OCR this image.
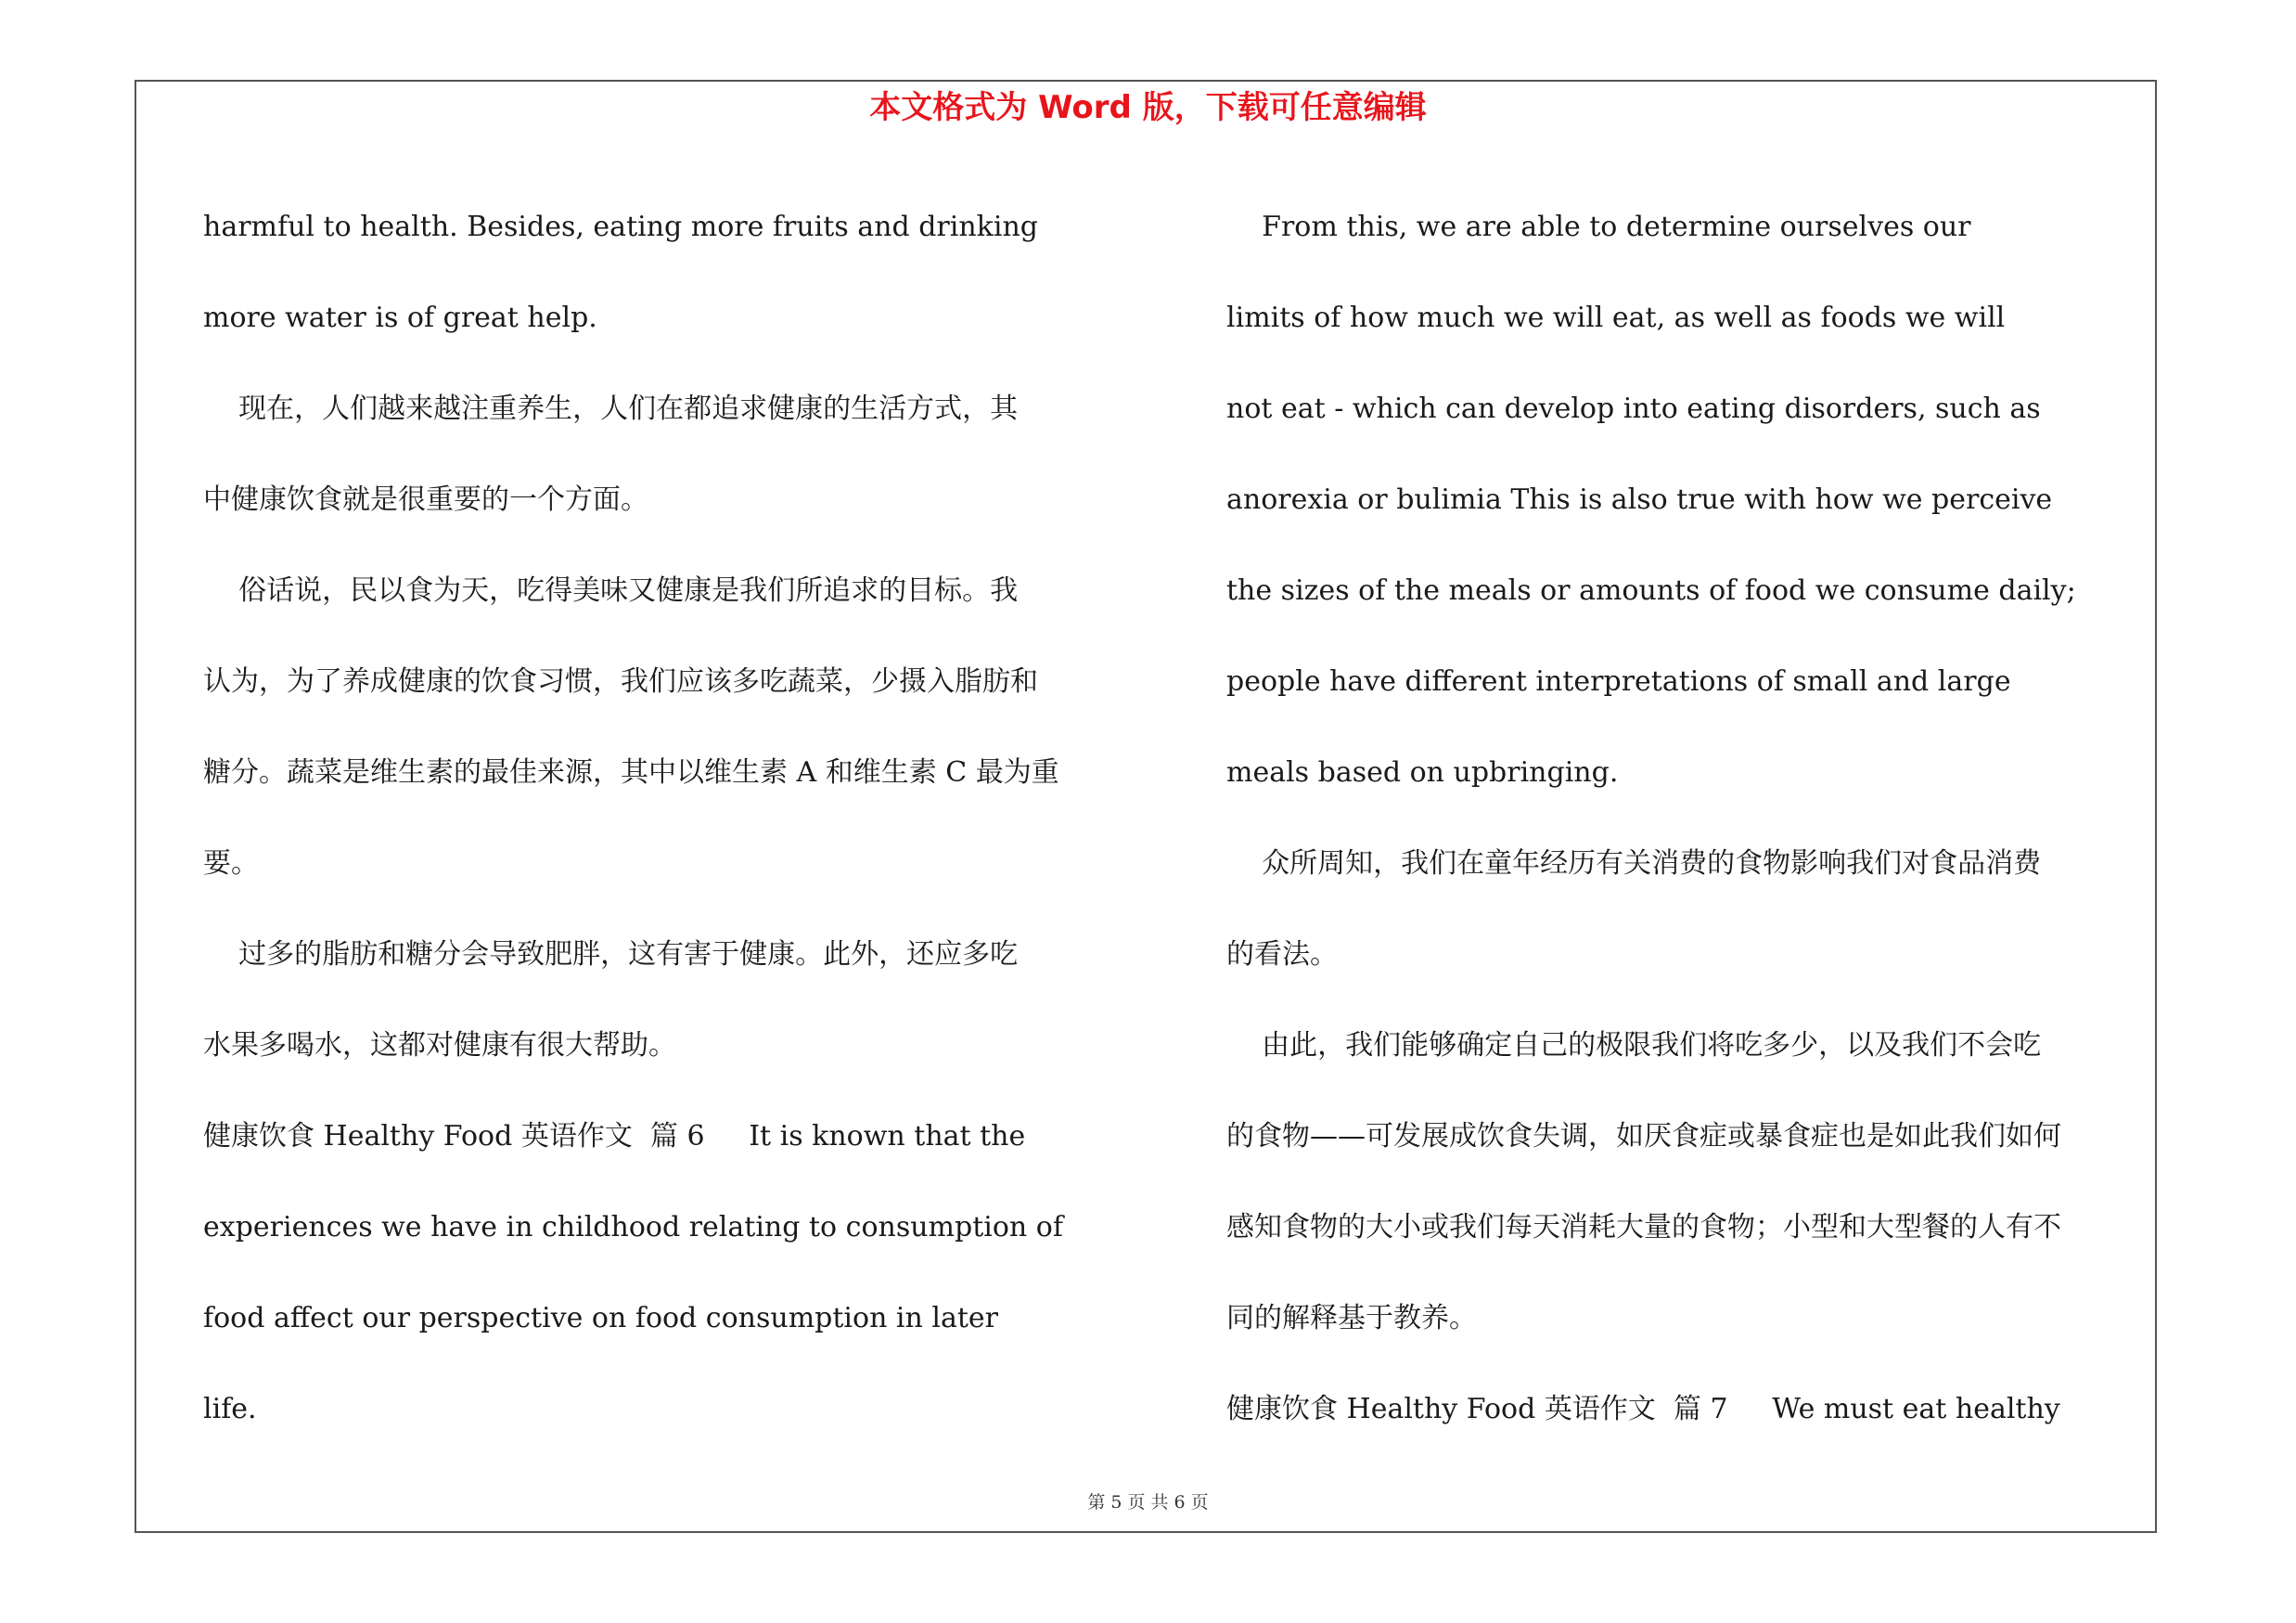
本文格式为 Word 版，下载可任意编辑
harmful to health. Besides, eating more fruits and drinking
more water is of great help.
现在，人们越来越注重养生，人们在都追求健康的生活方式，其
中健康饮食就是很重要的一个方面。
俗话说，民以食为天，吃得美味又健康是我们所追求的目标。我
认为，为了养成健康的饮食习惯，我们应该多吃蔬菜，少摄入脂肪和
糖分。蔬菜是维生素的最佳来源，其中以维生素 A 和维生素 C 最为重
要。
过多的脂肪和糖分会导致肥胖，这有害于健康。此外，还应多吃
水果多喝水，这都对健康有很大帮助。
健康饮食 Healthy Food 英语作文  篇 6     It is known that the
experiences we have in childhood relating to consumption of
food affect our perspective on food consumption in later
life.
From this, we are able to determine ourselves our
limits of how much we will eat, as well as foods we will
not eat - which can develop into eating disorders, such as
anorexia or bulimia This is also true with how we perceive
the sizes of the meals or amounts of food we consume daily;
people have different interpretations of small and large
meals based on upbringing.
众所周知，我们在童年经历有关消费的食物影响我们对食品消费
的看法。
由此，我们能够确定自己的极限我们将吃多少，以及我们不会吃
的食物——可发展成饮食失调，如厌食症或暴食症也是如此我们如何
感知食物的大小或我们每天消耗大量的食物；小型和大型餐的人有不
同的解释基于教养。
健康饮食 Healthy Food 英语作文  篇 7     We must eat healthy
第 5 页 共 6 页
